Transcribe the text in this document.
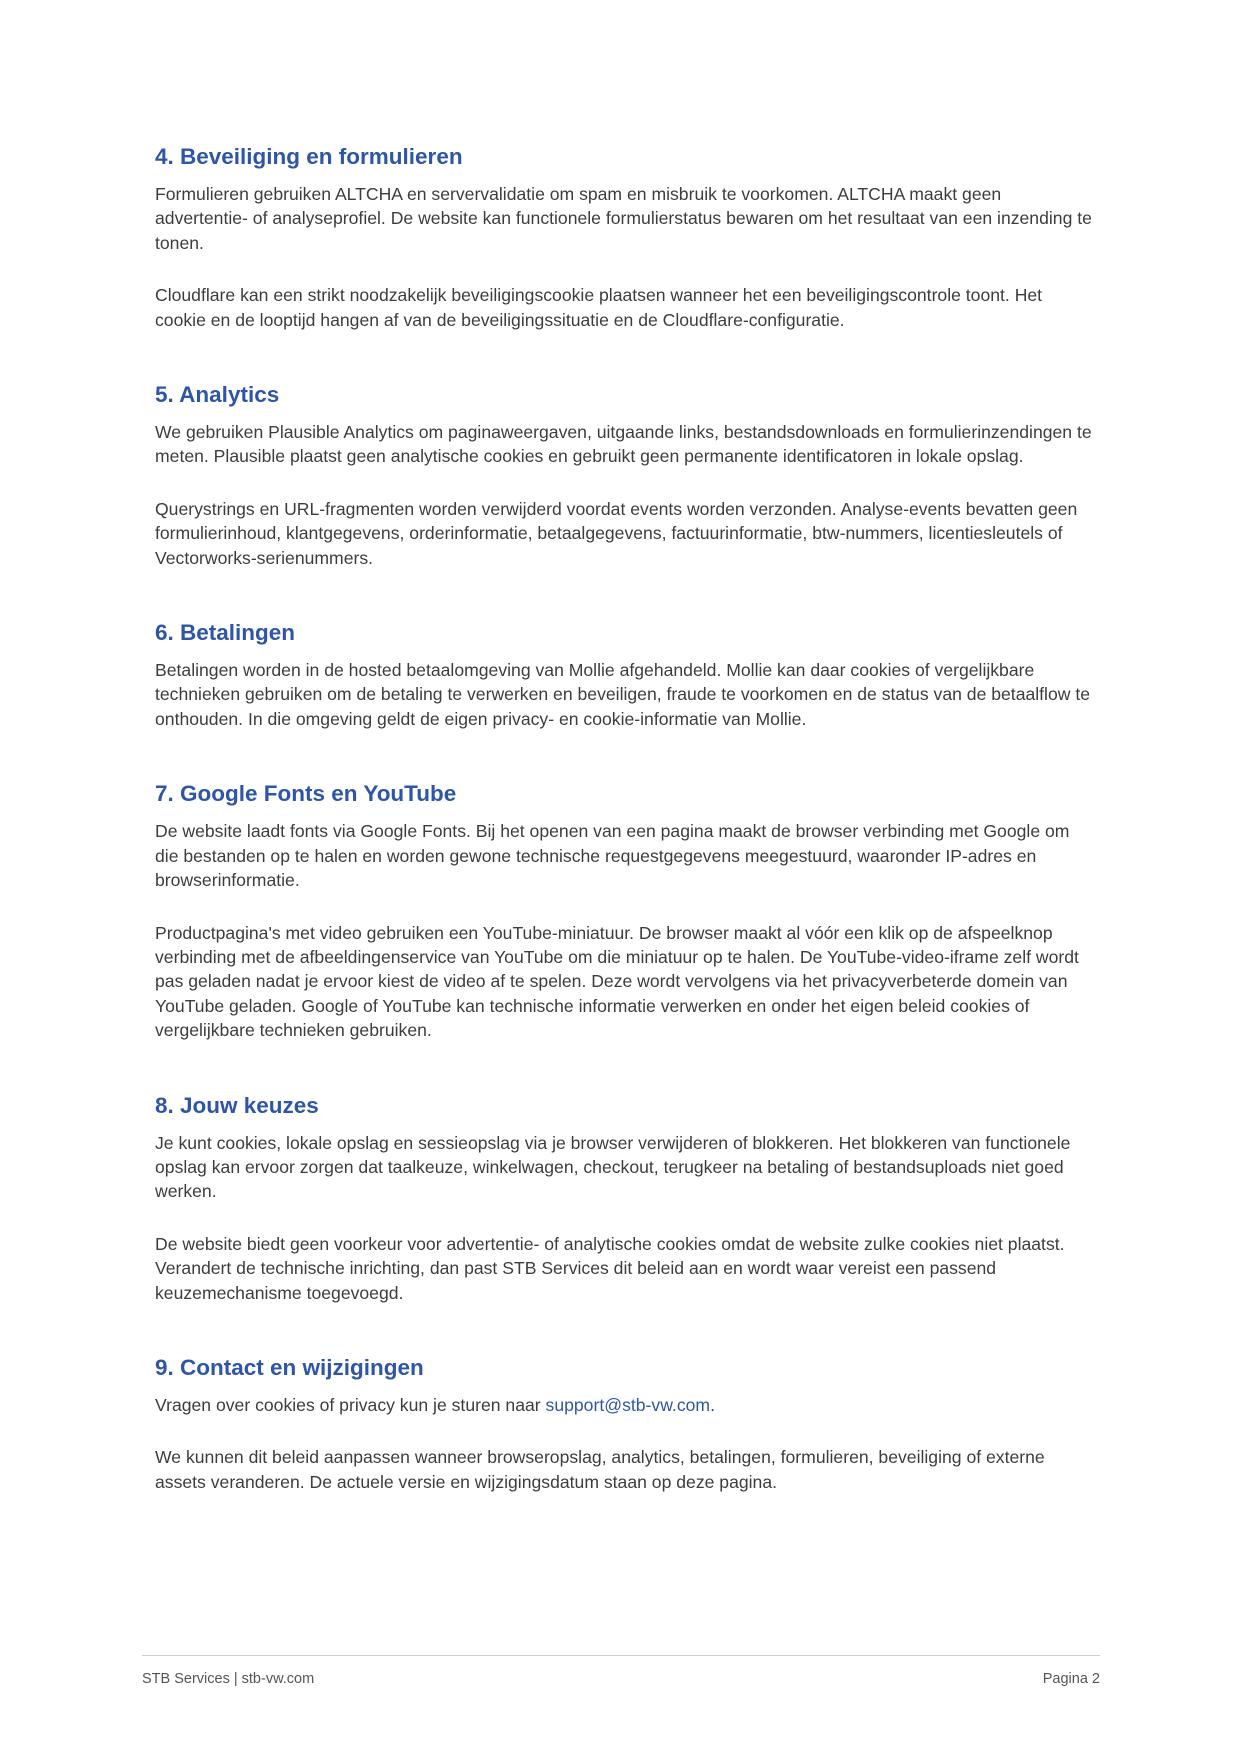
4. Beveiliging en formulieren

Formulieren gebruiken ALTCHA en servervalidatie om spam en misbruik te voorkomen. ALTCHA maakt geen advertentie- of analyseprofiel. De website kan functionele formulierstatus bewaren om het resultaat van een inzending te tonen.

Cloudflare kan een strikt noodzakelijk beveiligingscookie plaatsen wanneer het een beveiligingscontrole toont. Het cookie en de looptijd hangen af van de beveiligingssituatie en de Cloudflare-configuratie.

5. Analytics

We gebruiken Plausible Analytics om paginaweergaven, uitgaande links, bestandsdownloads en formulierinzendingen te meten. Plausible plaatst geen analytische cookies en gebruikt geen permanente identificatoren in lokale opslag.

Querystrings en URL-fragmenten worden verwijderd voordat events worden verzonden. Analyse-events bevatten geen formulierinhoud, klantgegevens, orderinformatie, betaalgegevens, factuurinformatie, btw-nummers, licentiesleutels of Vectorworks-serienummers.

6. Betalingen

Betalingen worden in de hosted betaalomgeving van Mollie afgehandeld. Mollie kan daar cookies of vergelijkbare technieken gebruiken om de betaling te verwerken en beveiligen, fraude te voorkomen en de status van de betaalflow te onthouden. In die omgeving geldt de eigen privacy- en cookie-informatie van Mollie.

7. Google Fonts en YouTube

De website laadt fonts via Google Fonts. Bij het openen van een pagina maakt de browser verbinding met Google om die bestanden op te halen en worden gewone technische requestgegevens meegestuurd, waaronder IP-adres en browserinformatie.

Productpagina's met video gebruiken een YouTube-miniatuur. De browser maakt al vóór een klik op de afspeelknop verbinding met de afbeeldingenservice van YouTube om die miniatuur op te halen. De YouTube-video-iframe zelf wordt pas geladen nadat je ervoor kiest de video af te spelen. Deze wordt vervolgens via het privacyverbeterde domein van YouTube geladen. Google of YouTube kan technische informatie verwerken en onder het eigen beleid cookies of vergelijkbare technieken gebruiken.

8. Jouw keuzes

Je kunt cookies, lokale opslag en sessieopslag via je browser verwijderen of blokkeren. Het blokkeren van functionele opslag kan ervoor zorgen dat taalkeuze, winkelwagen, checkout, terugkeer na betaling of bestandsuploads niet goed werken.

De website biedt geen voorkeur voor advertentie- of analytische cookies omdat de website zulke cookies niet plaatst. Verandert de technische inrichting, dan past STB Services dit beleid aan en wordt waar vereist een passend keuzemechanisme toegevoegd.

9. Contact en wijzigingen

Vragen over cookies of privacy kun je sturen naar support@stb-vw.com.

We kunnen dit beleid aanpassen wanneer browseropslag, analytics, betalingen, formulieren, beveiliging of externe assets veranderen. De actuele versie en wijzigingsdatum staan op deze pagina.

STB Services | stb-vw.com	Pagina 2
